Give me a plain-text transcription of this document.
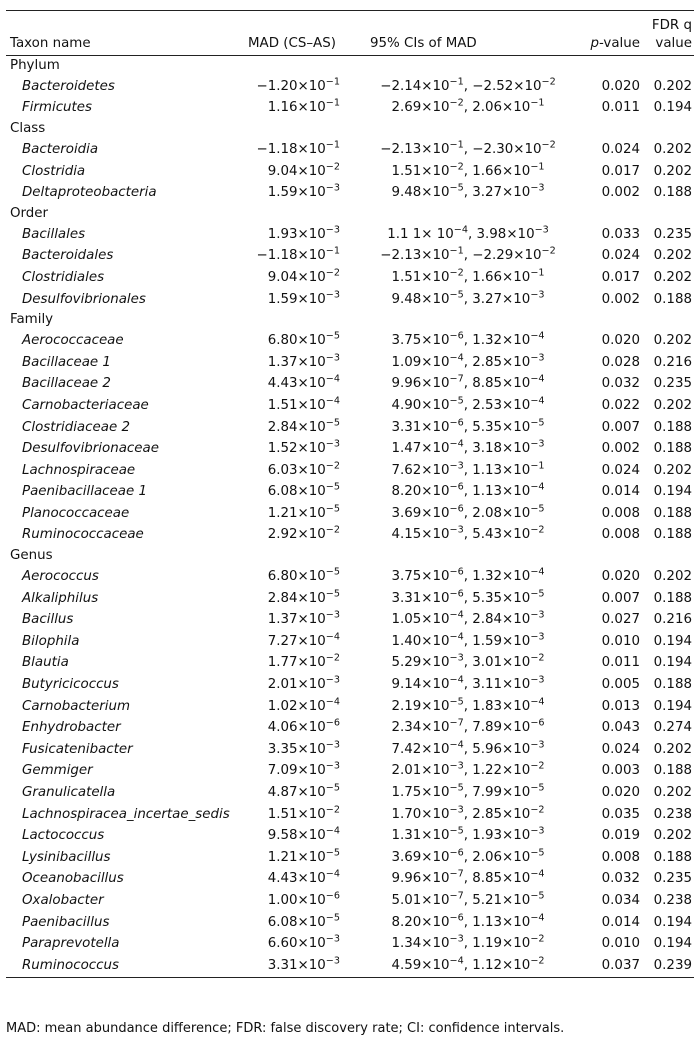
Taxon name	MAD (CS–AS)	95% CIs of MAD	p-value	FDR q value
Phylum				
Bacteroidetes	$-1.20\times 10^{-1}$	$-2.14\times 10^{-1}$, $-2.52\times 10^{-2}$	0.020	0.202
Firmicutes	$1.16\times 10^{-1}$	$2.69\times 10^{-2}$, $2.06\times 10^{-1}$	0.011	0.194
Class				
Bacteroidia	$-1.18\times 10^{-1}$	$-2.13\times 10^{-1}$, $-2.30\times 10^{-2}$	0.024	0.202
Clostridia	$9.04\times 10^{-2}$	$1.51\times 10^{-2}$, $1.66\times 10^{-1}$	0.017	0.202
Deltaproteobacteria	$1.59\times 10^{-3}$	$9.48\times 10^{-5}$, $3.27\times 10^{-3}$	0.002	0.188
Order				
Bacillales	$1.93\times 10^{-3}$	1.1 $1\times 10^{-4}$, $3.98\times 10^{-3}$	0.033	0.235
Bacteroidales	$-1.18\times 10^{-1}$	$-2.13\times 10^{-1}$, $-2.29\times 10^{-2}$	0.024	0.202
Clostridiales	$9.04\times 10^{-2}$	$1.51\times 10^{-2}$, $1.66\times 10^{-1}$	0.017	0.202
Desulfovibrionales	$1.59\times 10^{-3}$	$9.48\times 10^{-5}$, $3.27\times 10^{-3}$	0.002	0.188
Family				
Aerococcaceae	$6.80\times 10^{-5}$	$3.75\times 10^{-6}$, $1.32\times 10^{-4}$	0.020	0.202
Bacillaceae 1	$1.37\times 10^{-3}$	$1.09\times 10^{-4}$, $2.85\times 10^{-3}$	0.028	0.216
Bacillaceae 2	$4.43\times 10^{-4}$	$9.96\times 10^{-7}$, $8.85\times 10^{-4}$	0.032	0.235
Carnobacteriaceae	$1.51\times 10^{-4}$	$4.90\times 10^{-5}$, $2.53\times 10^{-4}$	0.022	0.202
Clostridiaceae 2	$2.84\times 10^{-5}$	$3.31\times 10^{-6}$, $5.35\times 10^{-5}$	0.007	0.188
Desulfovibrionaceae	$1.52\times 10^{-3}$	$1.47\times 10^{-4}$, $3.18\times 10^{-3}$	0.002	0.188
Lachnospiraceae	$6.03\times 10^{-2}$	$7.62\times 10^{-3}$, $1.13\times 10^{-1}$	0.024	0.202
Paenibacillaceae 1	$6.08\times 10^{-5}$	$8.20\times 10^{-6}$, $1.13\times 10^{-4}$	0.014	0.194
Planococcaceae	$1.21\times 10^{-5}$	$3.69\times 10^{-6}$, $2.08\times 10^{-5}$	0.008	0.188
Ruminococcaceae	$2.92\times 10^{-2}$	$4.15\times 10^{-3}$, $5.43\times 10^{-2}$	0.008	0.188
Genus				
Aerococcus	$6.80\times 10^{-5}$	$3.75\times 10^{-6}$, $1.32\times 10^{-4}$	0.020	0.202
Alkaliphilus	$2.84\times 10^{-5}$	$3.31\times 10^{-6}$, $5.35\times 10^{-5}$	0.007	0.188
Bacillus	$1.37\times 10^{-3}$	$1.05\times 10^{-4}$, $2.84\times 10^{-3}$	0.027	0.216
Bilophila	$7.27\times 10^{-4}$	$1.40\times 10^{-4}$, $1.59\times 10^{-3}$	0.010	0.194
Blautia	$1.77\times 10^{-2}$	$5.29\times 10^{-3}$, $3.01\times 10^{-2}$	0.011	0.194
Butyricicoccus	$2.01\times 10^{-3}$	$9.14\times 10^{-4}$, $3.11\times 10^{-3}$	0.005	0.188
Carnobacterium	$1.02\times 10^{-4}$	$2.19\times 10^{-5}$, $1.83\times 10^{-4}$	0.013	0.194
Enhydrobacter	$4.06\times 10^{-6}$	$2.34\times 10^{-7}$, $7.89\times 10^{-6}$	0.043	0.274
Fusicatenibacter	$3.35\times 10^{-3}$	$7.42\times 10^{-4}$, $5.96\times 10^{-3}$	0.024	0.202
Gemmiger	$7.09\times 10^{-3}$	$2.01\times 10^{-3}$, $1.22\times 10^{-2}$	0.003	0.188
Granulicatella	$4.87\times 10^{-5}$	$1.75\times 10^{-5}$, $7.99\times 10^{-5}$	0.020	0.202
Lachnospiracea_incertae_sedis	$1.51\times 10^{-2}$	$1.70\times 10^{-3}$, $2.85\times 10^{-2}$	0.035	0.238
Lactococcus	$9.58\times 10^{-4}$	$1.31\times 10^{-5}$, $1.93\times 10^{-3}$	0.019	0.202
Lysinibacillus	$1.21\times 10^{-5}$	$3.69\times 10^{-6}$, $2.06\times 10^{-5}$	0.008	0.188
Oceanobacillus	$4.43\times 10^{-4}$	$9.96\times 10^{-7}$, $8.85\times 10^{-4}$	0.032	0.235
Oxalobacter	$1.00\times 10^{-6}$	$5.01\times 10^{-7}$, $5.21\times 10^{-5}$	0.034	0.238
Paenibacillus	$6.08\times 10^{-5}$	$8.20\times 10^{-6}$, $1.13\times 10^{-4}$	0.014	0.194
Paraprevotella	$6.60\times 10^{-3}$	$1.34\times 10^{-3}$, $1.19\times 10^{-2}$	0.010	0.194
Ruminococcus	$3.31\times 10^{-3}$	$4.59\times 10^{-4}$, $1.12\times 10^{-2}$	0.037	0.239
MAD: mean abundance difference; FDR: false discovery rate; CI: confidence intervals.
